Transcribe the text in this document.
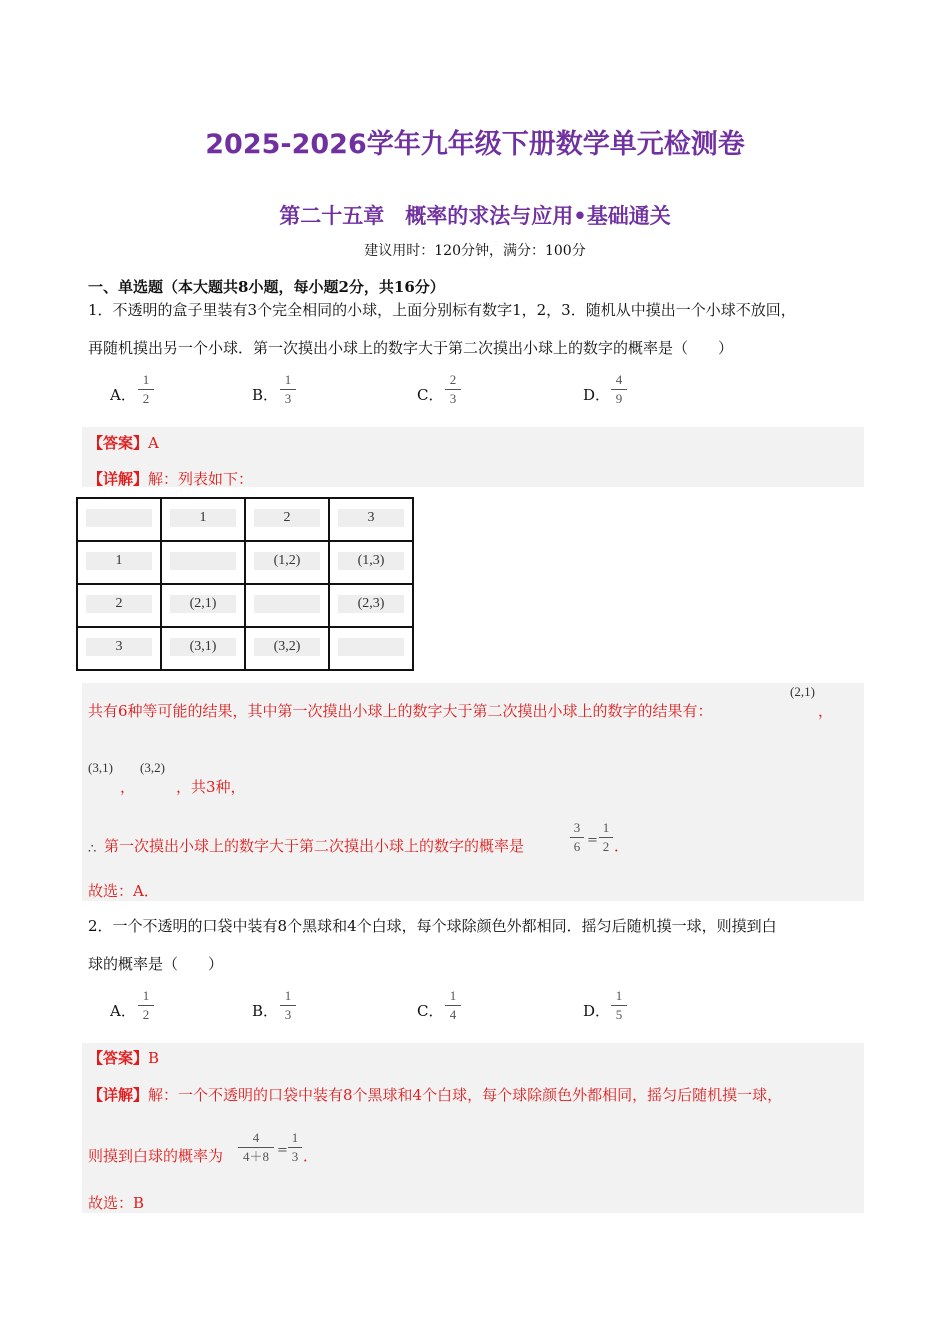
2025-2026学年九年级下册数学单元检测卷
第二十五章　概率的求法与应用•基础通关
建议用时：120分钟，满分：100分
一、单选题（本大题共8小题，每小题2分，共16分）
1．不透明的盒子里装有3个完全相同的小球，上面分别标有数字1，2，3．随机从中摸出一个小球不放回，
再随机摸出另一个小球．第一次摸出小球上的数字大于第二次摸出小球上的数字的概率是（　　）
A．
1
2	B．
1
3	C．
2
3	D．
4
9
【答案】A
【详解】解：列表如下：

	1	2	3

1		(1,2)	(1,3)

2	(2,1)		(2,3)

3	(3,1)	(3,2)	

共有6种等可能的结果，其中第一次摸出小球上的数字大于第二次摸出小球上的数字的结果有：
(2,1)
，
(3,1)
，
(3,2)
，共3种，
∴ 第一次摸出小球上的数字大于第二次摸出小球上的数字的概率是
3
6 =
1
2 ．
故选：A．
2．一个不透明的口袋中装有8个黑球和4个白球，每个球除颜色外都相同．摇匀后随机摸一球，则摸到白
球的概率是（　　）
A．
1
2	B．
1
3	C．
1
4	D．
1
5
【答案】B
【详解】解：一个不透明的口袋中装有8个黑球和4个白球，每个球除颜色外都相同，摇匀后随机摸一球，
则摸到白球的概率为
4
4＋8 =
1
3 ．
故选：B
